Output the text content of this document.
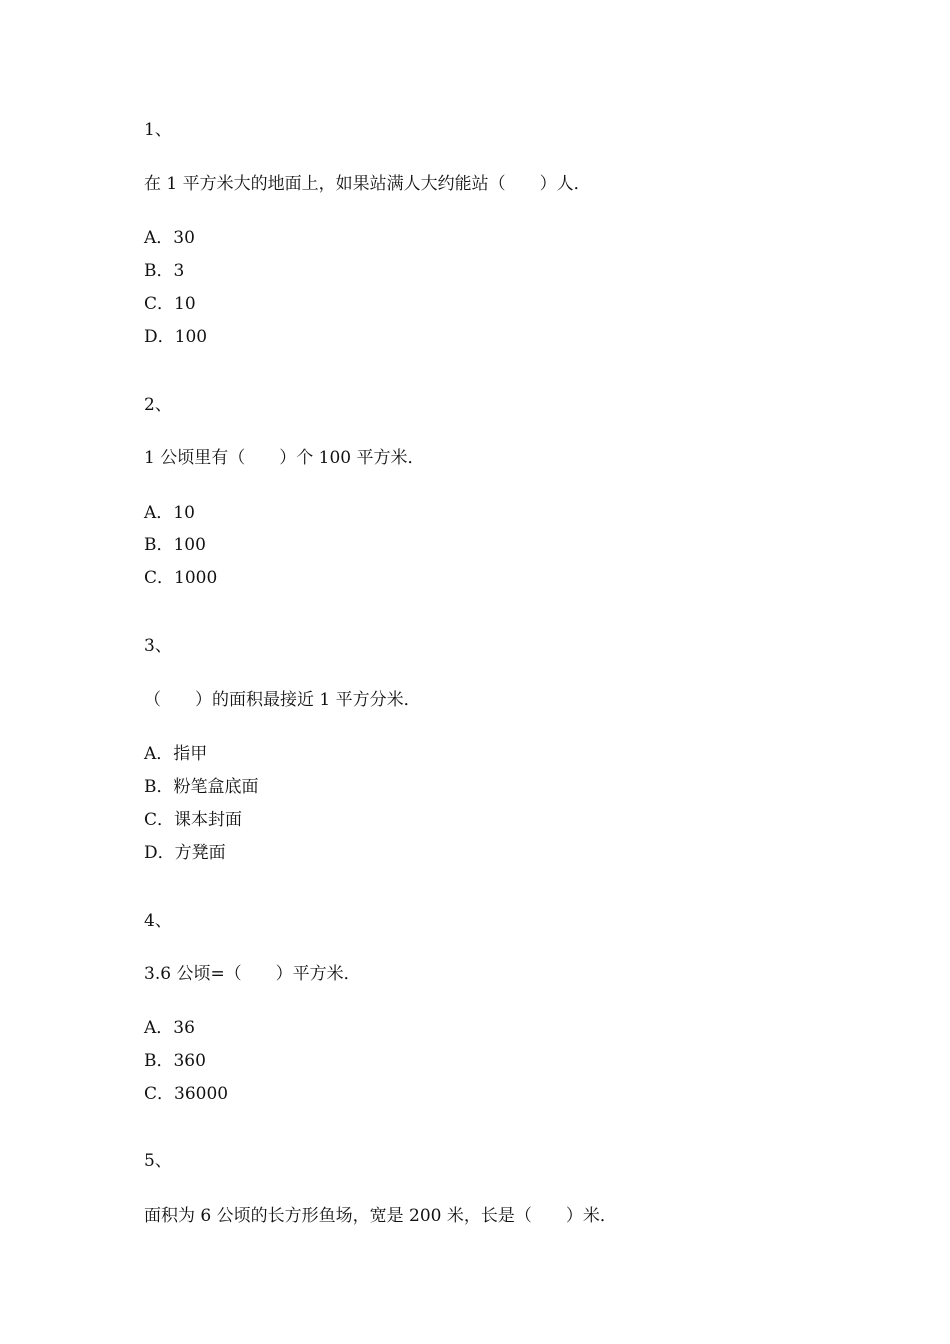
1、
在 1 平方米大的地面上，如果站满人大约能站（　　）人．
A．30
B．3
C．10
D．100
2、
1 公顷里有（　　）个 100 平方米．
A．10
B．100
C．1000
3、
（　　）的面积最接近 1 平方分米．
A．指甲
B．粉笔盒底面
C．课本封面
D．方凳面
4、
3.6 公顷=（　　）平方米．
A．36
B．360
C．36000
5、
面积为 6 公顷的长方形鱼场，宽是 200 米，长是（　　）米．
